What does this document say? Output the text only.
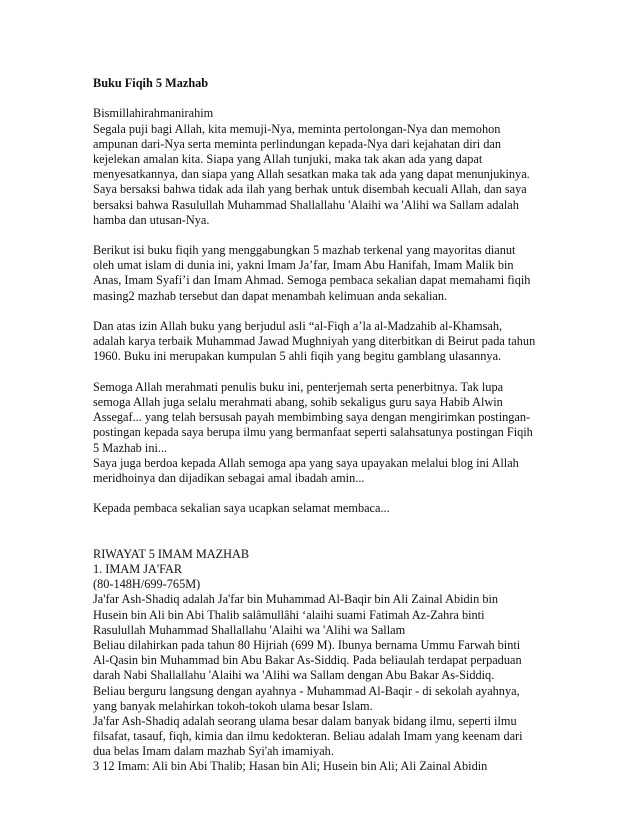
Buku Fiqih 5 Mazhab

Bismillahirahmanirahim
Segala puji bagi Allah, kita memuji-Nya, meminta pertolongan-Nya dan memohon
ampunan dari-Nya serta meminta perlindungan kepada-Nya dari kejahatan diri dan
kejelekan amalan kita. Siapa yang Allah tunjuki, maka tak akan ada yang dapat
menyesatkannya, dan siapa yang Allah sesatkan maka tak ada yang dapat menunjukinya.
Saya bersaksi bahwa tidak ada ilah yang berhak untuk disembah kecuali Allah, dan saya
bersaksi bahwa Rasulullah Muhammad Shallallahu 'Alaihi wa 'Alihi wa Sallam adalah
hamba dan utusan-Nya.

Berikut isi buku fiqih yang menggabungkan 5 mazhab terkenal yang mayoritas dianut
oleh umat islam di dunia ini, yakni Imam Ja’far, Imam Abu Hanifah, Imam Malik bin
Anas, Imam Syafi’i dan Imam Ahmad. Semoga pembaca sekalian dapat memahami fiqih
masing2 mazhab tersebut dan dapat menambah kelimuan anda sekalian.

Dan atas izin Allah buku yang berjudul asli “al-Fiqh a’la al-Madzahib al-Khamsah,
adalah karya terbaik Muhammad Jawad Mughniyah yang diterbitkan di Beirut pada tahun
1960. Buku ini merupakan kumpulan 5 ahli fiqih yang begitu gamblang ulasannya.

Semoga Allah merahmati penulis buku ini, penterjemah serta penerbitnya. Tak lupa
semoga Allah juga selalu merahmati abang, sohib sekaligus guru saya Habib Alwin
Assegaf... yang telah bersusah payah membimbing saya dengan mengirimkan postingan-
postingan kepada saya berupa ilmu yang bermanfaat seperti salahsatunya postingan Fiqih
5 Mazhab ini...
Saya juga berdoa kepada Allah semoga apa yang saya upayakan melalui blog ini Allah
meridhoinya dan dijadikan sebagai amal ibadah amin...

Kepada pembaca sekalian saya ucapkan selamat membaca...

RIWAYAT 5 IMAM MAZHAB
1. IMAM JA'FAR
(80-148H/699-765M)
Ja'far Ash-Shadiq adalah Ja'far bin Muhammad Al-Baqir bin Ali Zainal Abidin bin
Husein bin Ali bin Abi Thalib salâmullâhi ‘alaihi suami Fatimah Az-Zahra binti
Rasulullah Muhammad Shallallahu 'Alaihi wa 'Alihi wa Sallam
Beliau dilahirkan pada tahun 80 Hijriah (699 M). Ibunya bernama Ummu Farwah binti
Al-Qasin bin Muhammad bin Abu Bakar As-Siddiq. Pada beliaulah terdapat perpaduan
darah Nabi Shallallahu 'Alaihi wa 'Alihi wa Sallam dengan Abu Bakar As-Siddiq.
Beliau berguru langsung dengan ayahnya - Muhammad Al-Baqir - di sekolah ayahnya,
yang banyak melahirkan tokoh-tokoh ulama besar Islam.
Ja'far Ash-Shadiq adalah seorang ulama besar dalam banyak bidang ilmu, seperti ilmu
filsafat, tasauf, fiqh, kimia dan ilmu kedokteran. Beliau adalah Imam yang keenam dari
dua belas Imam dalam mazhab Syi'ah imamiyah.
3 12 Imam: Ali bin Abi Thalib; Hasan bin Ali; Husein bin Ali; Ali Zainal Abidin
